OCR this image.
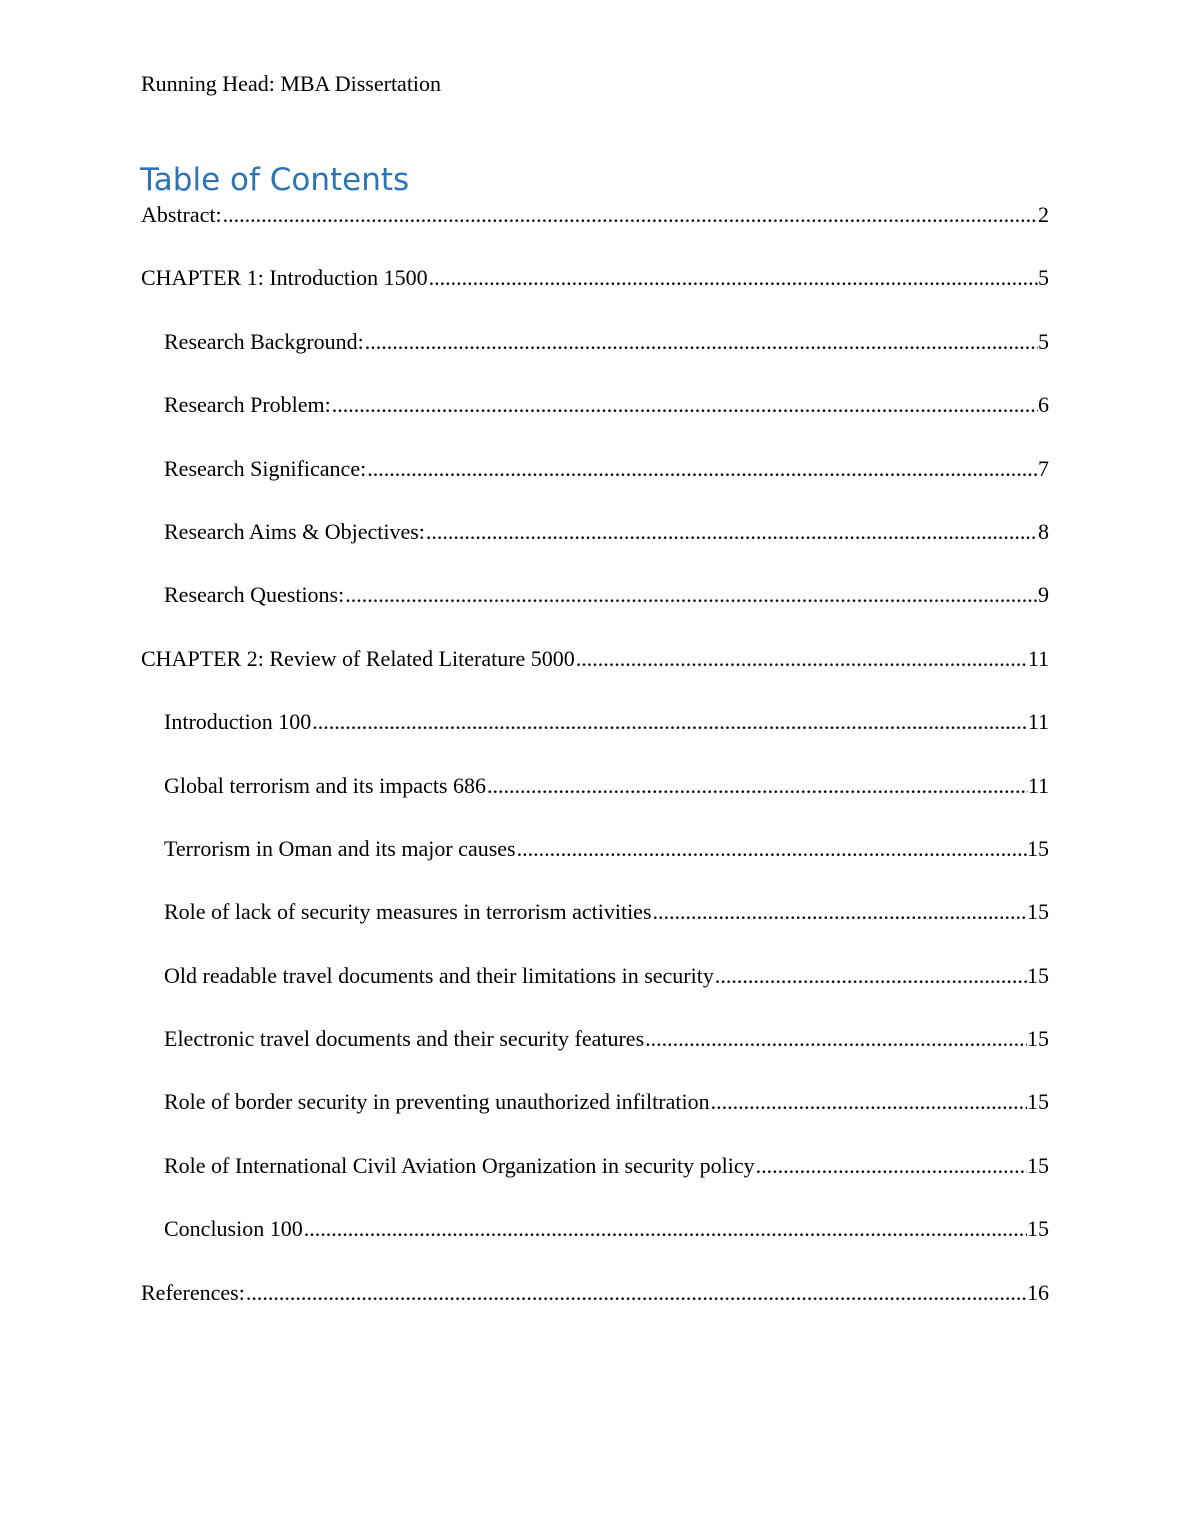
Running Head: MBA Dissertation
Table of Contents
Abstract: .....	2
CHAPTER 1: Introduction 1500 .....	5
Research Background: .....	5
Research Problem: .....	6
Research Significance: .....	7
Research Aims & Objectives: .....	8
Research Questions: .....	9
CHAPTER 2: Review of Related Literature 5000 .....	11
Introduction 100 .....	11
Global terrorism and its impacts 686 .....	11
Terrorism in Oman and its major causes .....	15
Role of lack of security measures in terrorism activities .....	15
Old readable travel documents and their limitations in security .....	15
Electronic travel documents and their security features .....	15
Role of border security in preventing unauthorized infiltration .....	15
Role of International Civil Aviation Organization in security policy .....	15
Conclusion 100 .....	15
References: .....	16
